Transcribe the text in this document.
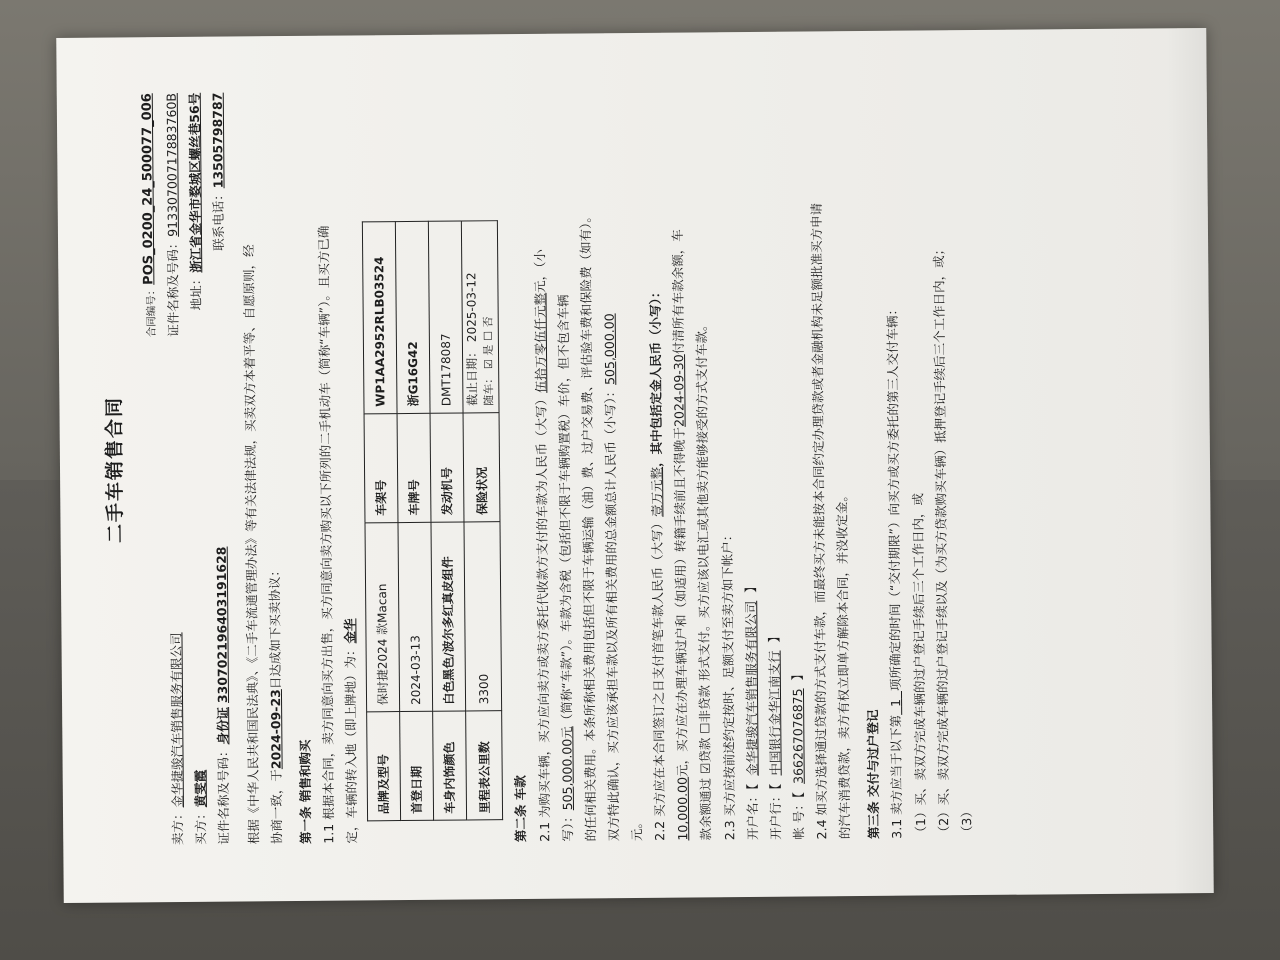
二手车销售合同
合同编号：
POS_0200_24_500077_006
卖方：金华捷骏汽车销售服务有限公司
证件名称及号码：91330700717883760B
买方：黄雯霞
地址：浙江省金华市婺城区螺丝巷56号
证件名称及号码：身份证 330702196403191628
联系电话：13505798787

根据《中华人民共和国民法典》、《二手车流通管理办法》等有关法律法规，买卖双方本着平等、自愿原则，经 协商一致，于2024-09-23日达成如下买卖协议：

第一条 销售和购买 1.1 根据本合同，卖方同意向买方出售，买方同意向卖方购买以下所列的二手机动车（简称“车辆”）。且买方已确 定，车辆的转入地（即上牌地）为：金华

品牌及型号	保时捷2024 款Macan	车架号	WP1AA2952RLB03524
首登日期	2024-03-13	车牌号	浙G16G42
车身内饰颜色	白色黑色/波尔多红真皮组件	发动机号	DMT178087
里程表公里数	3300	保险状况	截止日期： 2025-03-12
随车： ☑ 是 ☐ 否
第二条 车款 2.1 为购买车辆，买方应向卖方或卖方委托代收款方支付的车款为人民币（大写）伍拾万零伍仟元整元，（小

写）：505,000.00元（简称“车款”）。车款为含税（包括但不限于车辆购置税）车价，但不包含车辆 的任何相关费用。本条所称相关费用包括但不限于车辆运输（油）费、过户交易费、评估验车费和保险费（如有）。 双方特此确认，买方应该承担车款以及所有相关费用的总金额总计人民币（小写）：505,000.00

元。 2.2 买方应在本合同签订之日支付首笔车款人民币（大写）壹万元整，其中包括定金人民币（小写）：

10,000.00元，买方应在办理车辆过户和（如适用）转籍手续前且不得晚于2024-09-30付清所有车款余额，车

款余额通过 ☑贷款 ☐非贷款 形式支付。买方应该以电汇或其他卖方能够接受的方式支付车款。 2.3 买方应按前述约定按时、足额支付至卖方如下帐户： 开户名：【  金华捷骏汽车销售服务有限公司  】

开户行：【  中国银行金华江南支行  】

帐 号：【  366267076875  】 2.4 如买方选择通过贷款的方式支付车款，而最终买方未能按本合同约定办理贷款或者金融机构未足额批准买方申请 的汽车消费贷款，卖方有权立即单方解除本合同，并没收定金。	第三条 交付与过户登记 3.1 卖方应当于以下第  1  项所确定的时间（“交付期限”）向买方或买方委托的第三人交付车辆： （1）买、卖双方完成车辆的过户登记手续后三个工作日内，或 （2）买、卖双方完成车辆的过户登记手续以及（为买方贷款购买车辆）抵押登记手续后三个工作日内，或； （3）
